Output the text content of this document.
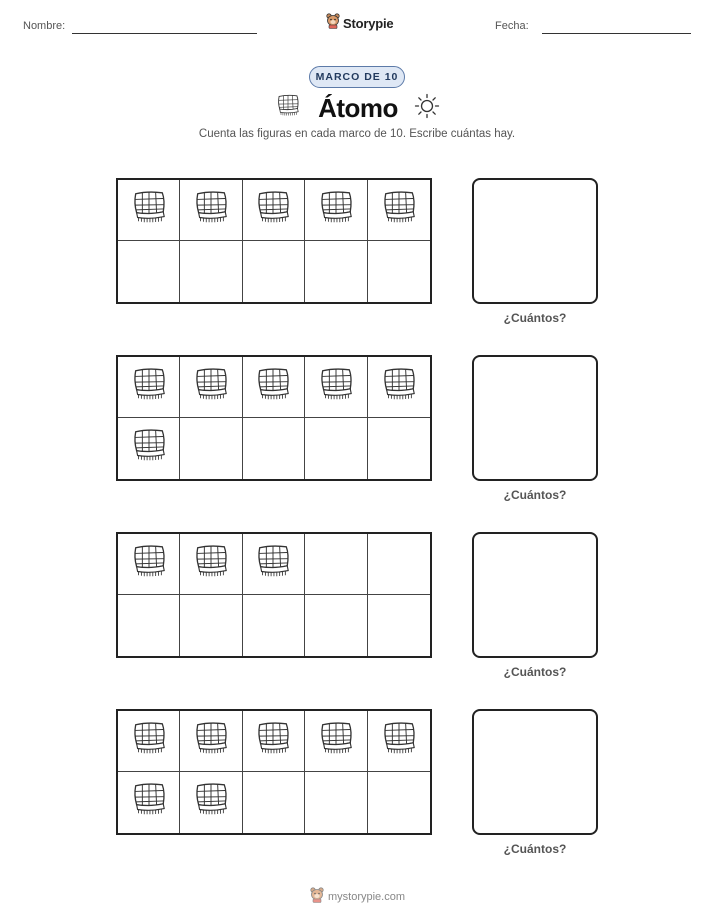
Nombre:	Storypie	Fecha:
MARCO DE 10
Átomo
Cuenta las figuras en cada marco de 10. Escribe cuántas hay.
¿Cuántos?
¿Cuántos?
¿Cuántos?
¿Cuántos?
mystorypie.com
